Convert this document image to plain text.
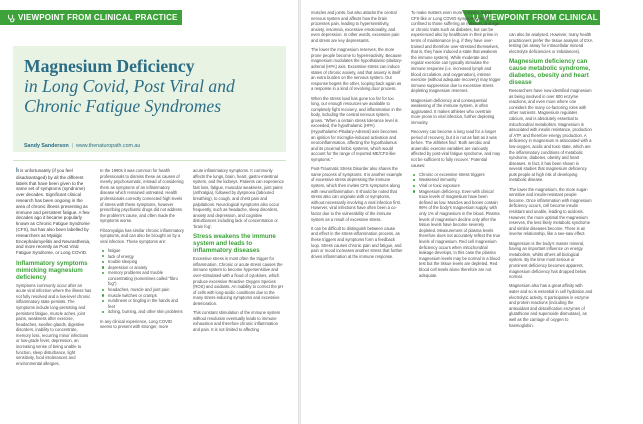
VIEWPOINT FROM CLINICAL PRACTICE	VIEWPOINT FROM CLINICAL PRACTICE
Magnesium Deficiency
in Long Covid, Post Viral and Chronic Fatigue Syndromes
Sandy Sanderson | www.thenaturopath.com.au

It is unfortunately (if you feel disadvantaged) by all the different labels that have been given to the same set of symptoms (syndrome) over decades. Significant clinical research has been ongoing in the area of chronic illness presenting as immune and persistent fatigue. A few decades ago it became popularly known as Chronic Fatigue Syndrome (CFS), but has also been labelled by researchers as Myalgic Encephalomyelitis and Neurasthenia, and more recently as Post Viral Fatigue Syndrome, or Long COVID.

Inflammatory symptoms mimicking magnesium deficiency

Symptoms commonly occur after an acute viral infection where the illness has not fully resolved and a low-level chronic inflammatory state persists. The symptoms include long-persisting and persistent fatigue, muscle aches, joint pains, weakness after exercise, headaches, swollen glands, digestive disorders, inability to concentrate, memory loss, recurring minor infections or low-grade fever, depression, an increasing sense of being unable to function, sleep disturbance, light sensitivity, food intolerances and environmental allergies.

In the 1990s it was common for health professionals to dismiss these as causes of merely psychosomatic, instead of considering them as symptoms of an inflammatory disease which remained untreated. Health professionals correctly connected high levels of stress with these symptoms, however prescribing psychiatric drugs did not address the problem's cause, and often made the symptoms worse.

Fibromyalgia has similar chronic inflammatory symptoms, and can also be brought on by a viral infection. These symptoms are:

fatigue
lack of energy
trouble sleeping
depression or anxiety
memory problems and trouble concentrating (sometimes called “fibro fog”)
headaches, muscle and joint pain
muscle twitches or cramps
numbness or tingling in the hands and feet
itching, burning, and other skin problems

In any clinical experience, Long COVID seems to present with stronger, more

acute inflammatory symptoms. It commonly affects the lungs, brain, heart, gastro-intestinal system, and the kidneys. Patients can experience fast loss, fatigue, muscular weakness, joint pains (arthralgia), followed by dyspnoea (laboured breathing), to cough, and chest pain and palpitations. Neurological symptoms also occur frequently, such as headache, sleep disorders, anxiety and depression, and cognitive disturbances including lack of concentration or ‘brain fog’.

Stress weakens the immune system and leads to inflammatory diseases

Excessive stress is most often the trigger for inflammation. Chronic or acute stress causes the immune system to become hypersensitive and over-stimulated with a flood of cytokines, which produce excessive Reactive Oxygen Species (ROS) and oxidants. An inability to correct the pH of cells with long-acidic conditions due to the many stress-inducing symptoms and excessive deterioration.

This constant stimulation of the immune system without resolution eventually leads to immune exhaustion and therefore chronic inflammation and pain. It is not limited to affecting

muscles and joints, but also attacks the central nervous system and affects how the brain processes pain, leading to hypersensitivity, anxiety, insomnia, excessive emotionality, and even depression. In other words, excessive pain and stress are key depressants.

The lower the magnesium reserves, the more prone people become to hyperreactivity. Because magnesium modulates the hypothalamic-pituitary-adrenal (HPA) axis. Excessive stress can induce states of chronic anxiety, and that anxiety is itself an extra burden on the nervous system. Our response begets the other, looping back again as a response in a kind of revolving door process.

When the stress load has gone too far for too long, our enough resources we available to completely fight recovery, and inflammation in the body, including the central nervous system, grows. “When a certain stress tolerance level is exceeded, the hypothalamic (HPA) (Hypothalamic-Pituitary-Adrenal) axis becomes an ignition for microglia-induced activation and neuroinflammation, affecting the hypothalamus and its proximal limbic systems, which would account for the range of reported ME/CFS-like symptoms.”

Post-Traumatic Stress Disorder also shares the same process of symptoms. It is another example of excessive stress depressing the immune system, which then invites CFS symptoms along with neuroinflammation. It should be noted that stress also can originate with or symptoms, without necessarily involving a viral infection first. However, viral infections have often been a co-factor due to the vulnerability of the immune system as a result of excessive stress.

It can be difficult to distinguish between cause and effect in the stress-inflammation process, as these triggers and symptoms form a feedback loop. Stress causes chronic pain and fatigue, and pain or mood increases another stress that further drives inflammation at the immune response.

To make matters even more complex, these CFS-like or Long COVID symptoms are not confined to those suffering an infection, and age or chronic traits such as diabetes, but can be experienced also by healthcare in their prime in terms of maintenance (e.g. if they have over-trained and therefore over-stressed themselves, that is, they have induced a state that weakens the immune system). While moderate and regular exercise can typically stimulate the immune response (i.e. increased lymph and blood circulation, and oxygenation), intense exercise (without adequate recovery) may trigger immune suppression due to excessive stress depleting magnesium reserves.

Magnesium deficiency and consequential weakening of the immune system, is often aggravated. It makes athletes who overtrain more prone to viral infection, further depleting immunity.

Recovery can become a long road for a longer period of recovery, but it is not as fast as it was before. The athletes find: ‘Both aerobic and anaerobic exercise variables are variously affected by post-viral fatigue syndrome, and may not be sufficient to fully recover.’ Potential causes:

Chronic or excessive stress triggers
Weakened immunity
Viral or toxic exposure
Magnesium deficiency. Even with clinical trace levels of magnesium have been defined as low. Muscles and bones contain 99% of the body’s magnesium supply, with only 1% of magnesium in the blood. Plasma levels of magnesium decline only after the tissue levels have become severely depleted. Measurement of plasma levels therefore does not accurately reflect the true levels of magnesium. Red cell magnesium deficiency occurs when mitochondrial leakage develops, in this case the plasma magnesium levels may be normal in a blood test but the tissue levels are depleted. Red blood cell levels alone therefore are not adequate.

can also be analysed. However, many health practitioners prefer the tissue analysis of EXA testing (an assay for intracellular mineral electrolyte deficiencies or imbalances).

Magnesium deficiency can cause metabolic syndrome, diabetes, obesity and heart disease

Researchers have now identified magnesium as being involved in over 600 enzyme reactions, and even more where one considers the many co-factoring roles with other nutrients. Magnesium regulates calcium, and is absolutely essential to mitochondrial metabolism. Magnesium is associated with insulin resistance, production of ATP, and therefore energy production. A deficiency in magnesium is associated with a low-oxygen, acidic and toxic state, which are the inflammatory conditions of metabolic syndrome, diabetes, obesity and heart diseases. In fact, it has been shown in several studies that magnesium deficiency puts people at high risk of developing metabolic disease.

The lower the magnesium, the more sugar-sensitive and insulin-resistant people become. Once inflammation with magnesium deficiency occurs, cell become insulin resistant and unable, leading to acidosis. However, the more optimal the magnesium reserves, the less likely metabolic syndrome and similar diseases become. There is an inverse relationship, like a see-saw effect.

Magnesium is the body’s master mineral, having an important influence on energy metabolism, whilst others all biological system. By the time most serious or prominent deficiency becomes apparent, magnesium deficiency has dropped below normal.

Magnesium also has a great affinity with water and so is essential in cell hydration and electrolytic activity. It participates in enzyme and protein reactions (including the antioxidant and detoxification enzymes of glutathione and superoxide dismutase), as well as the carriage of oxygen to haemoglobin.
